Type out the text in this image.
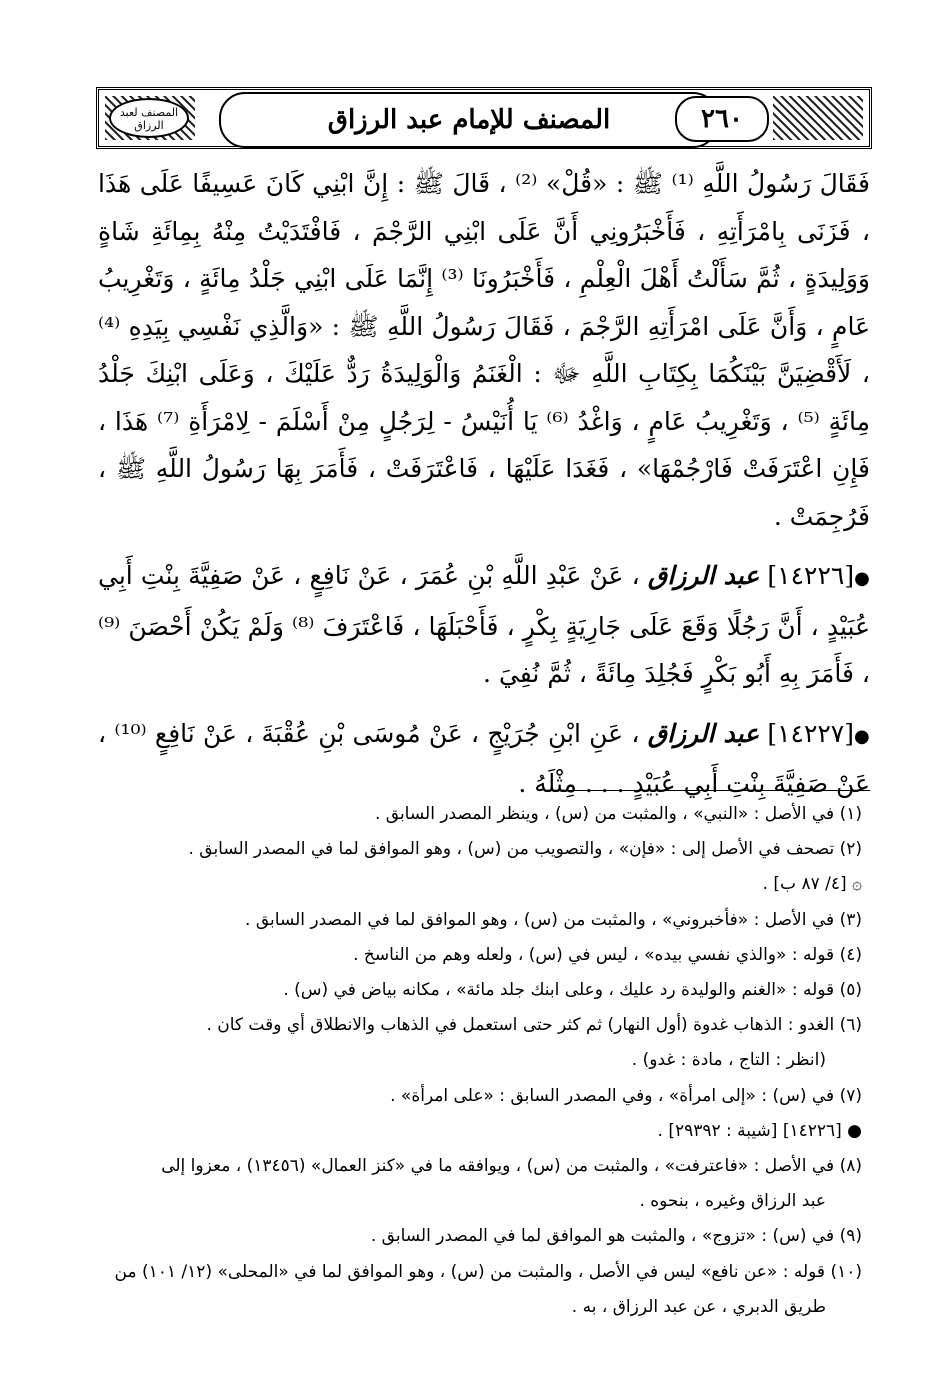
المصنف لعبد الرزاق	المصنف للإمام عبد الرزاق	٢٦٠

فَقَالَ رَسُولُ اللَّهِ ⁽¹⁾ ﷺ : «قُلْ» ⁽²⁾ ، قَالَ ﷺ : إِنَّ ابْنِي كَانَ عَسِيفًا عَلَى هَذَا ، فَزَنَى بِامْرَأَتِهِ ، فَأَخْبَرُونِي أَنَّ عَلَى ابْنِي الرَّجْمَ ، فَافْتَدَيْتُ مِنْهُ بِمِائَةِ شَاةٍ وَوَلِيدَةٍ ، ثُمَّ سَأَلْتُ أَهْلَ الْعِلْمِ ، فَأَخْبَرُونَا ⁽³⁾ إِنَّمَا عَلَى ابْنِي جَلْدُ مِائَةٍ ، وَتَغْرِيبُ عَامٍ ، وَأَنَّ عَلَى امْرَأَتِهِ الرَّجْمَ ، فَقَالَ رَسُولُ اللَّهِ ﷺ : «وَالَّذِي نَفْسِي بِيَدِهِ ⁽⁴⁾ ، لَأَقْضِيَنَّ بَيْنَكُمَا بِكِتَابِ اللَّهِ ﷻ : الْغَنَمُ وَالْوَلِيدَةُ رَدٌّ عَلَيْكَ ، وَعَلَى ابْنِكَ جَلْدُ مِائَةٍ ⁽⁵⁾ ، وَتَغْرِيبُ عَامٍ ، وَاغْدُ ⁽⁶⁾ يَا أُنَيْسُ - لِرَجُلٍ مِنْ أَسْلَمَ - لِامْرَأَةِ ⁽⁷⁾ هَذَا ، فَإِنِ اعْتَرَفَتْ فَارْجُمْهَا» ، فَغَدَا عَلَيْهَا ، فَاعْتَرَفَتْ ، فَأَمَرَ بِهَا رَسُولُ اللَّهِ ﷺ ، فَرُجِمَتْ .

●[١٤٢٢٦] عبد الرزاق ، عَنْ عَبْدِ اللَّهِ بْنِ عُمَرَ ، عَنْ نَافِعٍ ، عَنْ صَفِيَّةَ بِنْتِ أَبِي عُبَيْدٍ ، أَنَّ رَجُلًا وَقَعَ عَلَى جَارِيَةٍ بِكْرٍ ، فَأَحْبَلَهَا ، فَاعْتَرَفَ ⁽⁸⁾ وَلَمْ يَكُنْ أَحْصَنَ ⁽⁹⁾ ، فَأَمَرَ بِهِ أَبُو بَكْرٍ فَجُلِدَ مِائَةً ، ثُمَّ نُفِيَ .

●[١٤٢٢٧] عبد الرزاق ، عَنِ ابْنِ جُرَيْجٍ ، عَنْ مُوسَى بْنِ عُقْبَةَ ، عَنْ نَافِعٍ ⁽¹⁰⁾ ، عَنْ صَفِيَّةَ بِنْتِ أَبِي عُبَيْدٍ . . . مِثْلَهُ .

(١) في الأصل : «النبي» ، والمثبت من (س) ، وينظر المصدر السابق .

(٢) تصحف في الأصل إلى : «فإن» ، والتصويب من (س) ، وهو الموافق لما في المصدر السابق .

۞ [٤/ ٨٧ ب] .

(٣) في الأصل : «فأخبروني» ، والمثبت من (س) ، وهو الموافق لما في المصدر السابق .

(٤) قوله : «والذي نفسي بيده» ، ليس في (س) ، ولعله وهم من الناسخ .

(٥) قوله : «الغنم والوليدة رد عليك ، وعلى ابنك جلد مائة» ، مكانه بياض في (س) .

(٦) الغدو : الذهاب غدوة (أول النهار) ثم كثر حتى استعمل في الذهاب والانطلاق أي وقت كان .

(انظر : التاج ، مادة : غدو) .

(٧) في (س) : «إلى امرأة» ، وفي المصدر السابق : «على امرأة» .

● [١٤٢٢٦] [شيبة : ٢٩٣٩٢] .

(٨) في الأصل : «فاعترفت» ، والمثبت من (س) ، ويوافقه ما في «كنز العمال» (١٣٤٥٦) ، معزوا إلى

عبد الرزاق وغيره ، بنحوه .

(٩) في (س) : «تزوج» ، والمثبت هو الموافق لما في المصدر السابق .

(١٠) قوله : «عن نافع» ليس في الأصل ، والمثبت من (س) ، وهو الموافق لما في «المحلى» (١٢/ ١٠١) من

طريق الدبري ، عن عبد الرزاق ، به .
